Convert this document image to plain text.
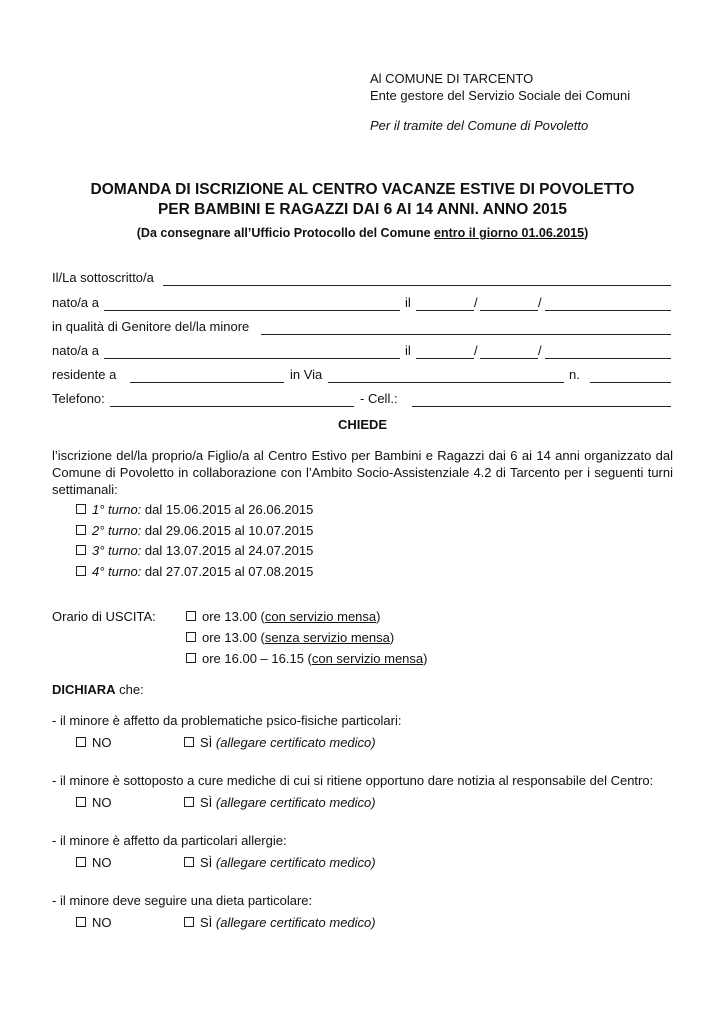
Al COMUNE DI TARCENTO
Ente gestore del Servizio Sociale dei Comuni
Per il tramite del Comune di Povoletto
DOMANDA DI ISCRIZIONE AL CENTRO VACANZE ESTIVE DI POVOLETTO
PER BAMBINI E RAGAZZI DAI 6 AI 14 ANNI. ANNO 2015
(Da consegnare all’Ufficio Protocollo del Comune entro il giorno 01.06.2015)
Il/La sottoscritto/a
nato/a a	il	/	/
in qualità di Genitore del/la minore
nato/a a	il	/	/
residente a	in Via	n.
Telefono:	- Cell.:
CHIEDE
l’iscrizione del/la proprio/a Figlio/a al Centro Estivo per Bambini e Ragazzi dai 6 ai 14 anni organizzato dal Comune di Povoletto in collaborazione con l’Ambito Socio-Assistenziale 4.2 di Tarcento per i seguenti turni settimanali:
1° turno: dal 15.06.2015 al 26.06.2015
2° turno: dal 29.06.2015 al 10.07.2015
3° turno: dal 13.07.2015 al 24.07.2015
4° turno: dal 27.07.2015 al 07.08.2015
Orario di USCITA:	ore 13.00 (con servizio mensa)
ore 13.00 (senza servizio mensa)
ore 16.00 – 16.15 (con servizio mensa)
DICHIARA che:
- il minore è affetto da problematiche psico-fisiche particolari:
NO	SÌ (allegare certificato medico)
- il minore è sottoposto a cure mediche di cui si ritiene opportuno dare notizia al responsabile del Centro:
NO	SÌ (allegare certificato medico)
- il minore è affetto da particolari allergie:
NO	SÌ (allegare certificato medico)
- il minore deve seguire una dieta particolare:
NO	SÌ (allegare certificato medico)
